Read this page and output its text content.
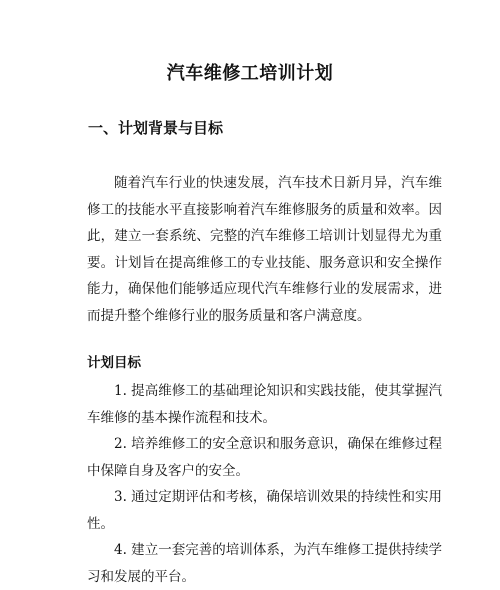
汽车维修工培训计划
一、计划背景与目标

随着汽车行业的快速发展，汽车技术日新月异，汽车维修工的技能水平直接影响着汽车维修服务的质量和效率。因此，建立一套系统、完整的汽车维修工培训计划显得尤为重要。计划旨在提高维修工的专业技能、服务意识和安全操作能力，确保他们能够适应现代汽车维修行业的发展需求，进而提升整个维修行业的服务质量和客户满意度。

计划目标
1. 提高维修工的基础理论知识和实践技能，使其掌握汽车维修的基本操作流程和技术。
2. 培养维修工的安全意识和服务意识，确保在维修过程中保障自身及客户的安全。
3. 通过定期评估和考核，确保培训效果的持续性和实用性。
4. 建立一套完善的培训体系，为汽车维修工提供持续学习和发展的平台。
